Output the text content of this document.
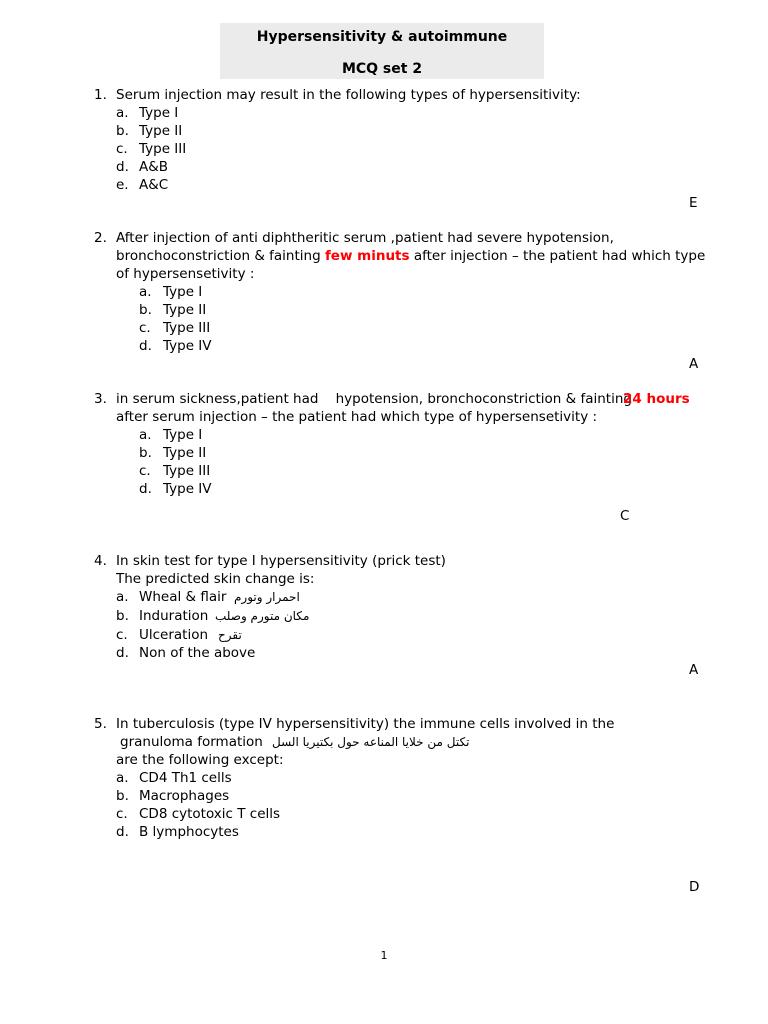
Hypersensitivity & autoimmune
MCQ set 2
1. Serum injection may result in the following types of hypersensitivity:
a. Type I
b. Type II
c. Type III
d. A&B
e. A&C
E
2. After injection of anti diphtheritic serum ,patient had severe hypotension,
bronchoconstriction & fainting few minuts after injection – the patient had which type
of hypersensetivity :
a. Type I
b. Type II
c. Type III
d. Type IV
A
3. in serum sickness,patient had    hypotension, bronchoconstriction & fainting
24 hours
after serum injection – the patient had which type of hypersensetivity :
a. Type I
b. Type II
c. Type III
d. Type IV
C
4. In skin test for type I hypersensitivity (prick test)
The predicted skin change is:
a. Wheal & flair احمرار وتورم
b. Induration مكان متورم وصلب
c. Ulceration تقرح
d. Non of the above
A
5. In tuberculosis (type IV hypersensitivity) the immune cells involved in the
granuloma formation تكتل من خلايا المناعه حول بكتيريا السل
are the following except:
a. CD4 Th1 cells
b. Macrophages
c. CD8 cytotoxic T cells
d. B lymphocytes
D
1
